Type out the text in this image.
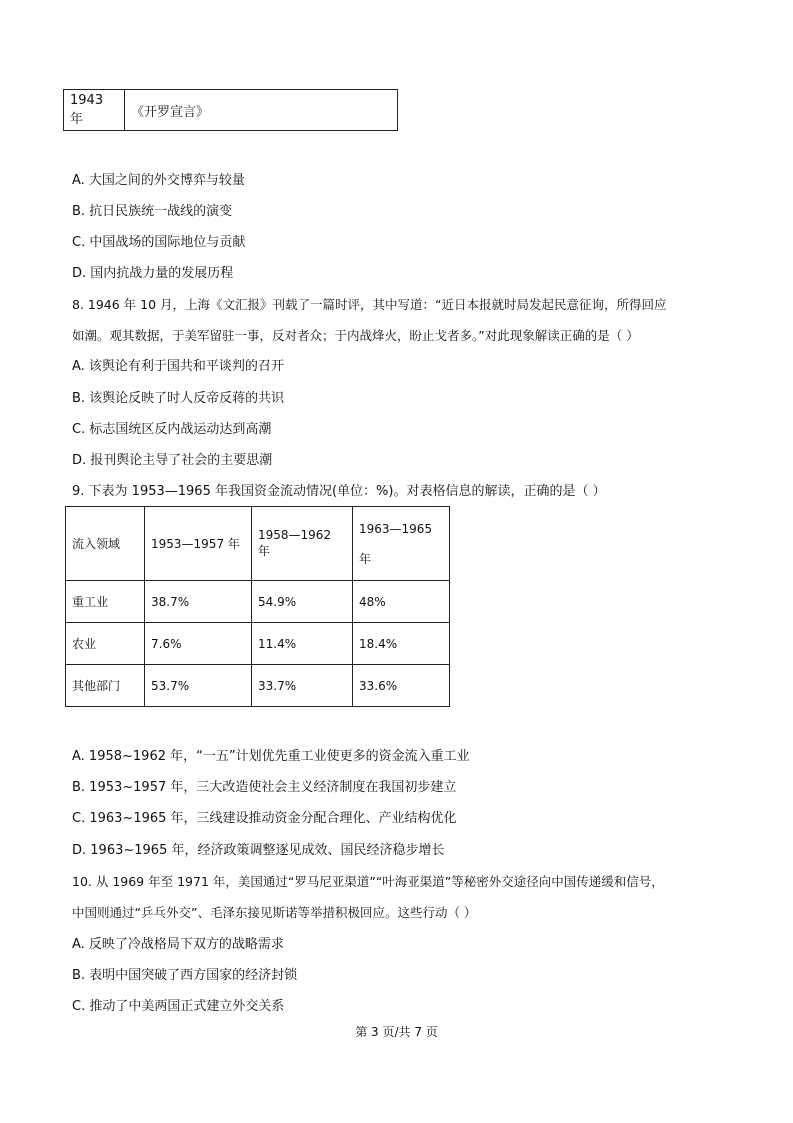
1943 年	《开罗宣言》
A. 大国之间的外交博弈与较量
B. 抗日民族统一战线的演变
C. 中国战场的国际地位与贡献
D. 国内抗战力量的发展历程
8. 1946 年 10 月，上海《文汇报》刊载了一篇时评，其中写道：“近日本报就时局发起民意征询，所得回应
如潮。观其数据，于美军留驻一事，反对者众；于内战烽火，盼止戈者多。”对此现象解读正确的是（ ）
A. 该舆论有利于国共和平谈判的召开
B. 该舆论反映了时人反帝反蒋的共识
C. 标志国统区反内战运动达到高潮
D. 报刊舆论主导了社会的主要思潮
9. 下表为 1953—1965 年我国资金流动情况(单位：%)。对表格信息的解读，正确的是（ ）
流入领域	1953—1957 年	1958—1962 年	1963—1965 年
重工业	38.7%	54.9%	48%
农业	7.6%	11.4%	18.4%
其他部门	53.7%	33.7%	33.6%
A. 1958~1962 年，“一五”计划优先重工业使更多的资金流入重工业
B. 1953~1957 年，三大改造使社会主义经济制度在我国初步建立
C. 1963~1965 年，三线建设推动资金分配合理化、产业结构优化
D. 1963~1965 年，经济政策调整逐见成效、国民经济稳步增长
10. 从 1969 年至 1971 年，美国通过“罗马尼亚渠道”“叶海亚渠道”等秘密外交途径向中国传递缓和信号，
中国则通过“乒乓外交”、毛泽东接见斯诺等举措积极回应。这些行动（ ）
A. 反映了冷战格局下双方的战略需求
B. 表明中国突破了西方国家的经济封锁
C. 推动了中美两国正式建立外交关系
第 3 页/共 7 页
